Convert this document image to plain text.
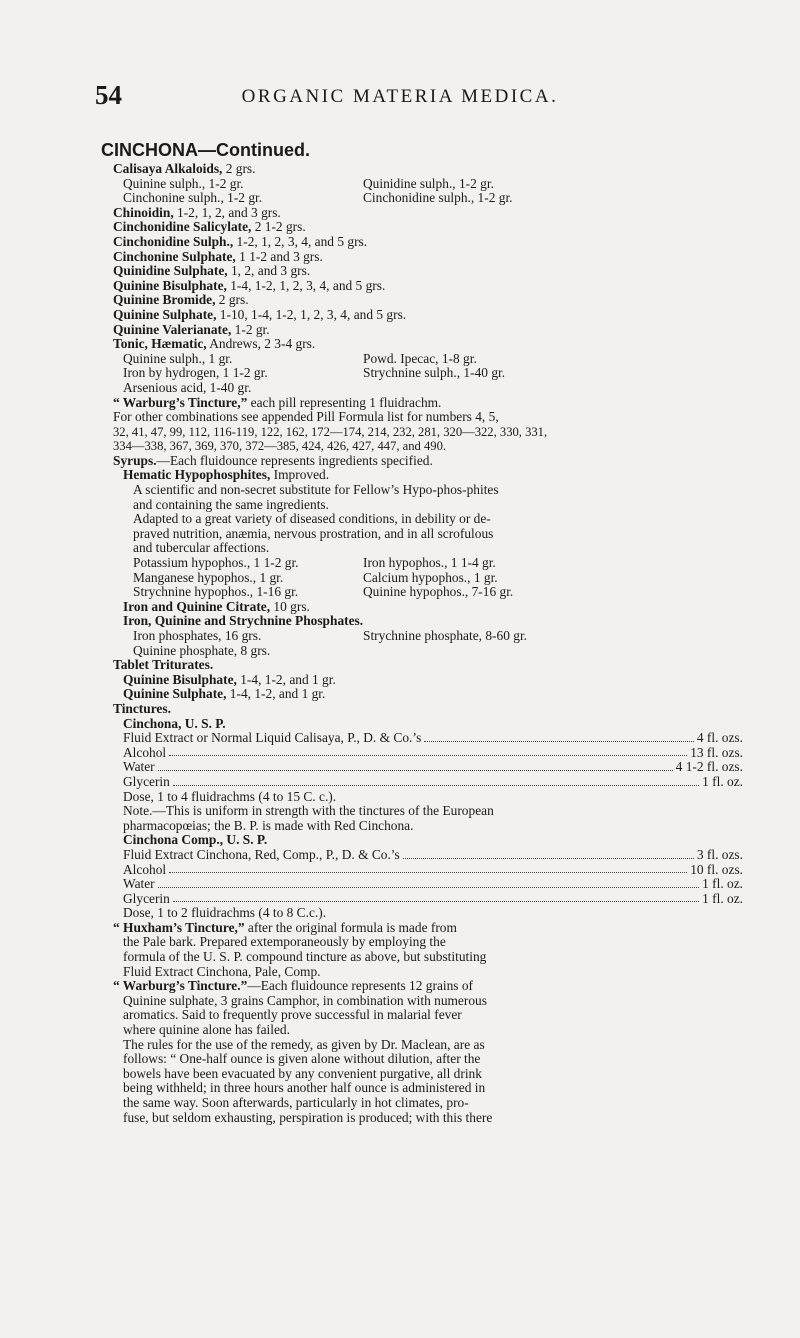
54	ORGANIC MATERIA MEDICA.
CINCHONA—Continued.
Calisaya Alkaloids, 2 grs.
Quinine sulph., 1-2 gr.	Quinidine sulph., 1-2 gr.
Cinchonine sulph., 1-2 gr.	Cinchonidine sulph., 1-2 gr.
Chinoidin, 1-2, 1, 2, and 3 grs.
Cinchonidine Salicylate, 2 1-2 grs.
Cinchonidine Sulph., 1-2, 1, 2, 3, 4, and 5 grs.
Cinchonine Sulphate, 1 1-2 and 3 grs.
Quinidine Sulphate, 1, 2, and 3 grs.
Quinine Bisulphate, 1-4, 1-2, 1, 2, 3, 4, and 5 grs.
Quinine Bromide, 2 grs.
Quinine Sulphate, 1-10, 1-4, 1-2, 1, 2, 3, 4, and 5 grs.
Quinine Valerianate, 1-2 gr.
Tonic, Hæmatic, Andrews, 2 3-4 grs.
Quinine sulph., 1 gr.	Powd. Ipecac, 1-8 gr.
Iron by hydrogen, 1 1-2 gr.	Strychnine sulph., 1-40 gr.
Arsenious acid, 1-40 gr.
“ Warburg’s Tincture,” each pill representing 1 fluidrachm.
For other combinations see appended Pill Formula list for numbers 4, 5,
32, 41, 47, 99, 112, 116-119, 122, 162, 172—174, 214, 232, 281, 320—322, 330, 331,
334—338, 367, 369, 370, 372—385, 424, 426, 427, 447, and 490.
Syrups.—Each fluidounce represents ingredients specified.
Hematic Hypophosphites, Improved.
A scientific and non-secret substitute for Fellow’s Hypo-phos-phites
and containing the same ingredients.
Adapted to a great variety of diseased conditions, in debility or de-
praved nutrition, anæmia, nervous prostration, and in all scrofulous
and tubercular affections.
Potassium hypophos., 1 1-2 gr.	Iron hypophos., 1 1-4 gr.
Manganese hypophos., 1 gr.	Calcium hypophos., 1 gr.
Strychnine hypophos., 1-16 gr.	Quinine hypophos., 7-16 gr.
Iron and Quinine Citrate, 10 grs.
Iron, Quinine and Strychnine Phosphates.
Iron phosphates, 16 grs.	Strychnine phosphate, 8-60 gr.
Quinine phosphate, 8 grs.
Tablet Triturates.
Quinine Bisulphate, 1-4, 1-2, and 1 gr.
Quinine Sulphate, 1-4, 1-2, and 1 gr.
Tinctures.
Cinchona, U. S. P.
Fluid Extract or Normal Liquid Calisaya, P., D. & Co.’s	4 fl. ozs.
Alcohol	13 fl. ozs.
Water	4 1-2 fl. ozs.
Glycerin	1 fl. oz.
Dose, 1 to 4 fluidrachms (4 to 15 C. c.).
Note.—This is uniform in strength with the tinctures of the European
pharmacopœias; the B. P. is made with Red Cinchona.
Cinchona Comp., U. S. P.
Fluid Extract Cinchona, Red, Comp., P., D. & Co.’s	3 fl. ozs.
Alcohol	10 fl. ozs.
Water	1 fl. oz.
Glycerin	1 fl. oz.
Dose, 1 to 2 fluidrachms (4 to 8 C.c.).
“ Huxham’s Tincture,” after the original formula is made from
the Pale bark. Prepared extemporaneously by employing the
formula of the U. S. P. compound tincture as above, but substituting
Fluid Extract Cinchona, Pale, Comp.
“ Warburg’s Tincture.”—Each fluidounce represents 12 grains of
Quinine sulphate, 3 grains Camphor, in combination with numerous
aromatics. Said to frequently prove successful in malarial fever
where quinine alone has failed.
The rules for the use of the remedy, as given by Dr. Maclean, are as
follows: “ One-half ounce is given alone without dilution, after the
bowels have been evacuated by any convenient purgative, all drink
being withheld; in three hours another half ounce is administered in
the same way. Soon afterwards, particularly in hot climates, pro-
fuse, but seldom exhausting, perspiration is produced; with this there
